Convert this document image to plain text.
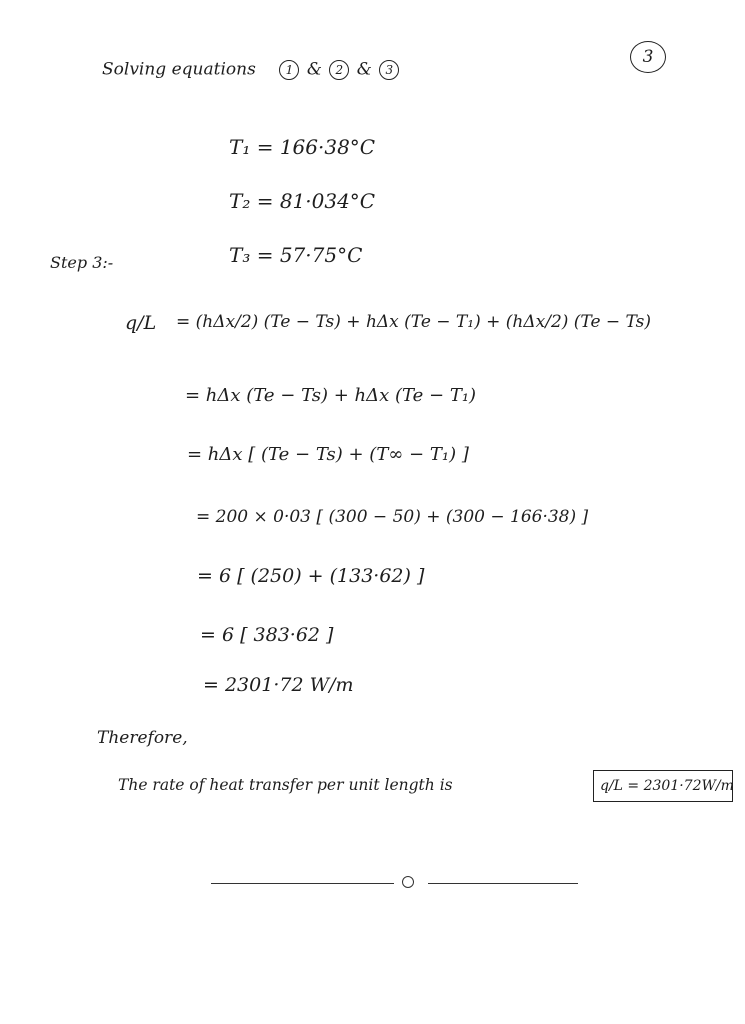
3
Solving equations 1 & 2 & 3
T₁ = 166·38°C
T₂ = 81·034°C
T₃ = 57·75°C
Step 3:-
q/L = (hΔx/2) (Te − Ts) + hΔx (Te − T₁) + (hΔx/2) (Te − Ts)
= hΔx (Te − Ts) + hΔx (Te − T₁)
= hΔx [ (Te − Ts) + (T∞ − T₁) ]
= 200 × 0·03 [ (300 − 50) + (300 − 166·38) ]
= 6 [ (250) + (133·62) ]
= 6 [ 383·62 ]
= 2301·72 W/m
Therefore,
The rate of heat transfer per unit length is	q/L = 2301·72W/m
